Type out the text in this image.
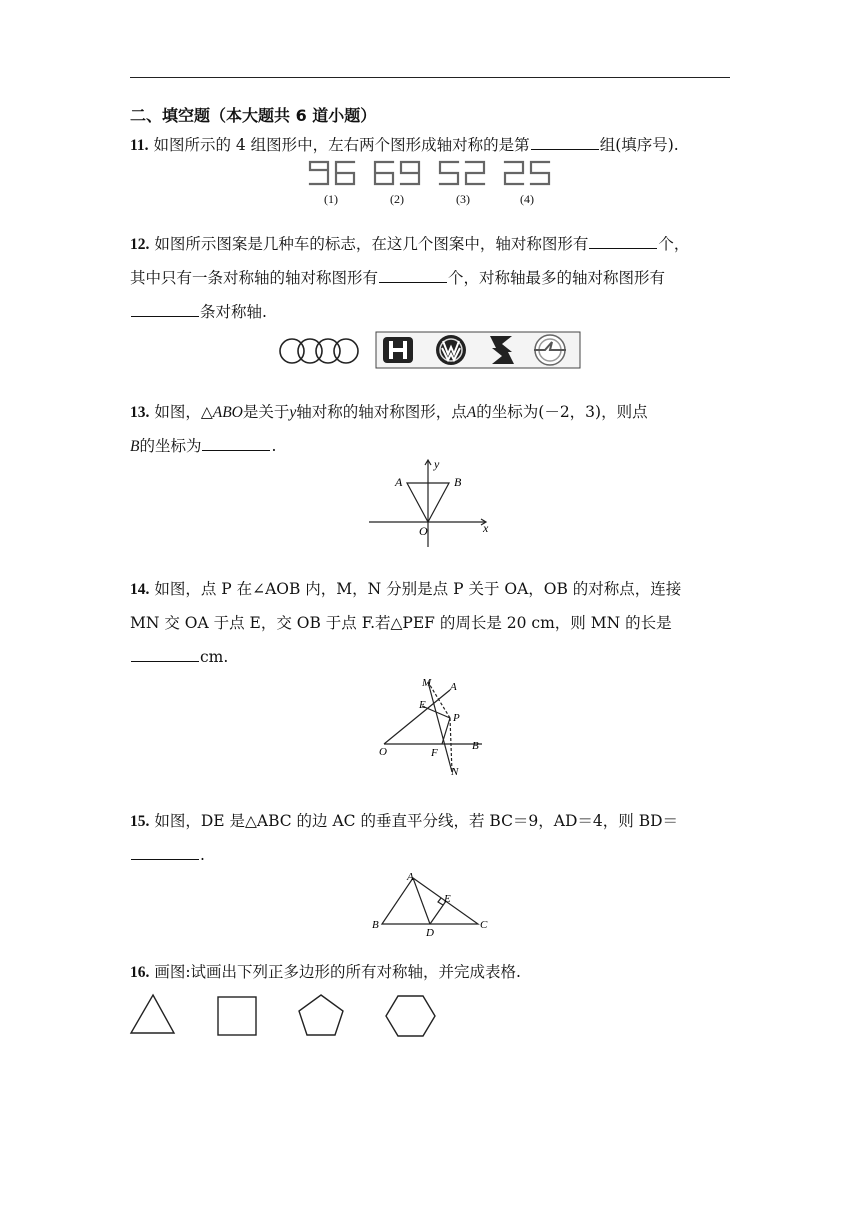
二、填空题（本大题共 6 道小题）
11. 如图所示的 4 组图形中，左右两个图形成轴对称的是第	组(填序号).
(1)	(2)	(3)	(4)
12. 如图所示图案是几种车的标志，在这几个图案中，轴对称图形有	个，
其中只有一条对称轴的轴对称图形有	个，对称轴最多的轴对称图形有
条对称轴.
13. 如图，△ABO是关于y轴对称的轴对称图形，点A的坐标为(－2，3)，则点
B的坐标为	.
y
A	B
O	x
14. 如图，点 P 在∠AOB 内，M，N 分别是点 P 关于 OA，OB 的对称点，连接
MN 交 OA 于点 E，交 OB 于点 F.若△PEF 的周长是 20 cm，则 MN 的长是
cm.
M A
E
P
O	F
B
N
15. 如图，DE 是△ABC 的边 AC 的垂直平分线，若 BC＝9，AD＝4，则 BD＝
.
A
E
B
D
C
16. 画图:试画出下列正多边形的所有对称轴，并完成表格.
